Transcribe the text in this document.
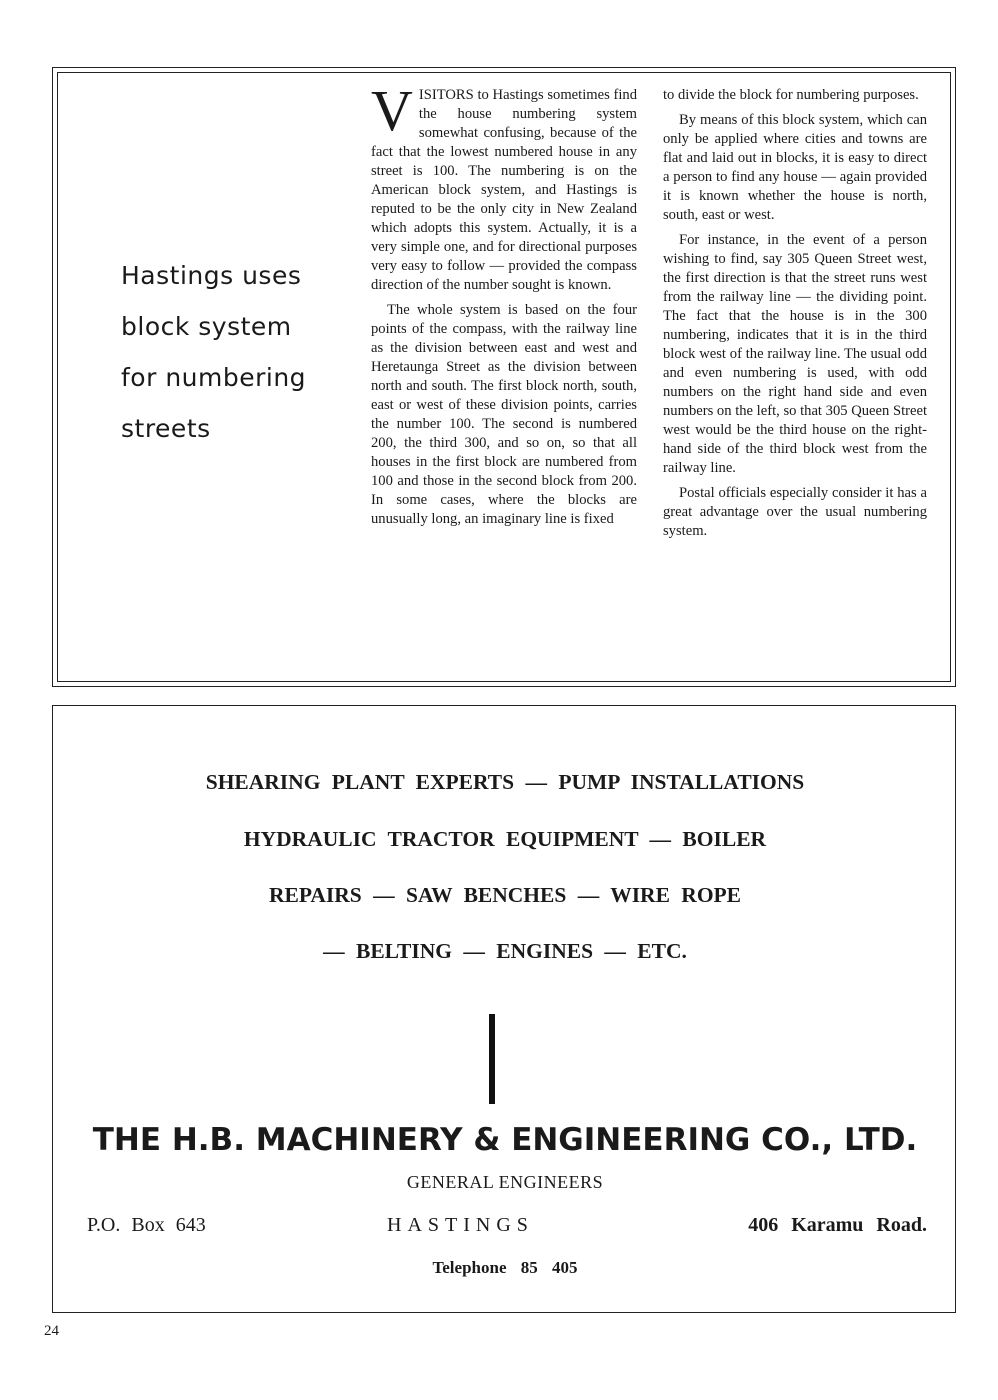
Hastings uses
block system
for numbering
streets

VISITORS to Hastings sometimes find the house numbering system somewhat confusing, because of the fact that the lowest numbered house in any street is 100. The numbering is on the American block system, and Hastings is reputed to be the only city in New Zealand which adopts this system. Actually, it is a very simple one, and for directional purposes very easy to follow — provided the compass direction of the number sought is known.

The whole system is based on the four points of the compass, with the railway line as the division between east and west and Heretaunga Street as the division between north and south. The first block north, south, east or west of these division points, carries the number 100. The second is numbered 200, the third 300, and so on, so that all houses in the first block are numbered from 100 and those in the second block from 200. In some cases, where the blocks are unusually long, an imaginary line is fixed

to divide the block for numbering purposes.

By means of this block system, which can only be applied where cities and towns are flat and laid out in blocks, it is easy to direct a person to find any house — again provided it is known whether the house is north, south, east or west.

For instance, in the event of a person wishing to find, say 305 Queen Street west, the first direction is that the street runs west from the railway line — the dividing point. The fact that the house is in the 300 numbering, indicates that it is in the third block west of the railway line. The usual odd and even numbering is used, with odd numbers on the right hand side and even numbers on the left, so that 305 Queen Street west would be the third house on the right-hand side of the third block west from the railway line.

Postal officials especially consider it has a great advantage over the usual numbering system.

SHEARING PLANT EXPERTS — PUMP INSTALLATIONS
HYDRAULIC TRACTOR EQUIPMENT — BOILER
REPAIRS — SAW BENCHES — WIRE ROPE
— BELTING — ENGINES — ETC.
THE H.B. MACHINERY & ENGINEERING CO., LTD.
GENERAL ENGINEERS
P.O. Box 643	HASTINGS	406 Karamu Road.
Telephone 85 405
24
